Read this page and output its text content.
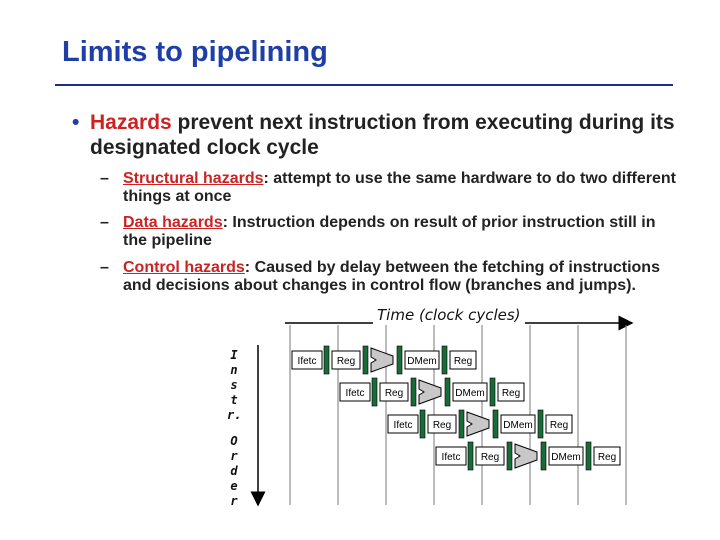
Limits to pipelining
• Hazards prevent next instruction from executing during its designated clock cycle
– Structural hazards: attempt to use the same hardware to do two different things at once
– Data hazards: Instruction depends on result of prior instruction still in the pipeline
– Control hazards: Caused by delay between the fetching of instructions and decisions about changes in control flow (branches and jumps).
Ifetc Reg	DMem Reg
Ifetc Reg	DMem Reg
Ifetc Reg	DMem Reg
Ifetc Reg	DMem Reg
Time (clock cycles)
I
n
s
t
r.
O
r
d
e
r
